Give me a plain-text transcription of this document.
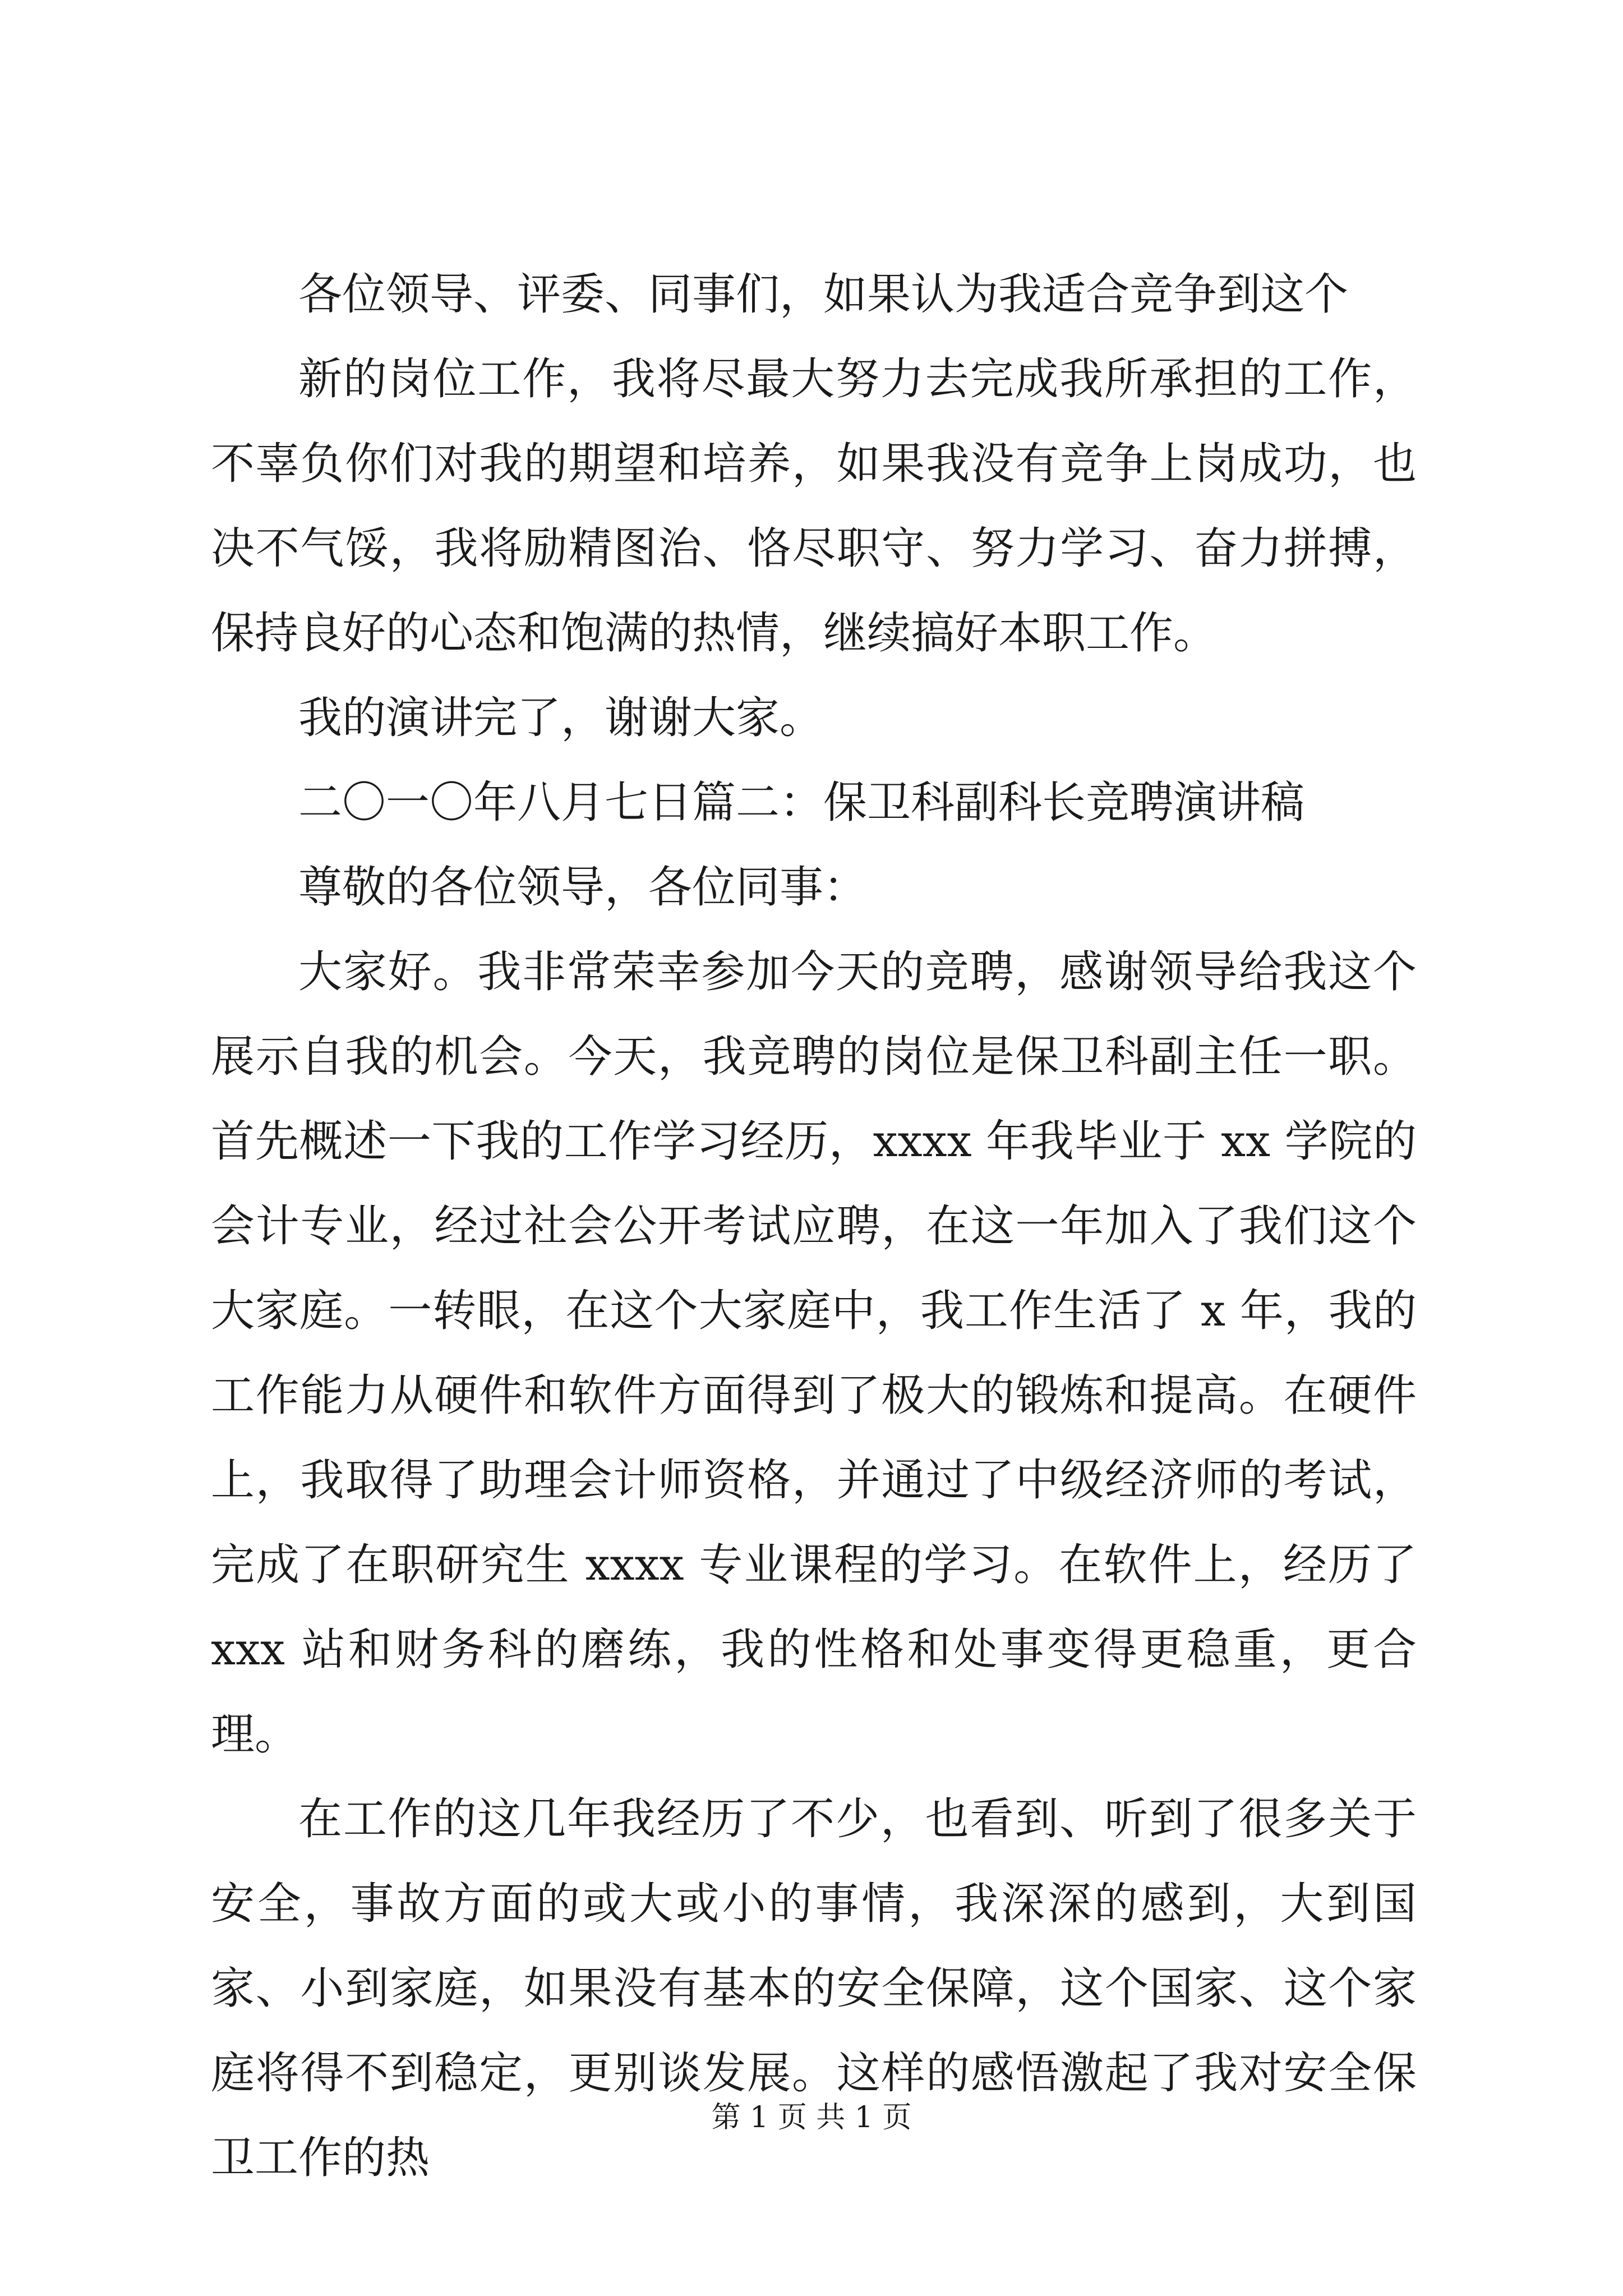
各位领导、评委、同事们，如果认为我适合竞争到这个

新的岗位工作，我将尽最大努力去完成我所承担的工作，不辜负你们对我的期望和培养，如果我没有竞争上岗成功，也决不气馁，我将励精图治、恪尽职守、努力学习、奋力拼搏，保持良好的心态和饱满的热情，继续搞好本职工作。

我的演讲完了，谢谢大家。

二〇一〇年八月七日篇二：保卫科副科长竞聘演讲稿

尊敬的各位领导，各位同事：

大家好。我非常荣幸参加今天的竞聘，感谢领导给我这个展示自我的机会。今天，我竞聘的岗位是保卫科副主任一职。首先概述一下我的工作学习经历，xxxx 年我毕业于 xx 学院的会计专业，经过社会公开考试应聘，在这一年加入了我们这个大家庭。一转眼，在这个大家庭中，我工作生活了 x 年，我的工作能力从硬件和软件方面得到了极大的锻炼和提高。在硬件上，我取得了助理会计师资格，并通过了中级经济师的考试，完成了在职研究生 xxxx 专业课程的学习。在软件上，经历了 xxx 站和财务科的磨练，我的性格和处事变得更稳重，更合理。

在工作的这几年我经历了不少，也看到、听到了很多关于安全，事故方面的或大或小的事情，我深深的感到，大到国家、小到家庭，如果没有基本的安全保障，这个国家、这个家庭将得不到稳定，更别谈发展。这样的感悟激起了我对安全保卫工作的热

第 1 页 共 1 页
